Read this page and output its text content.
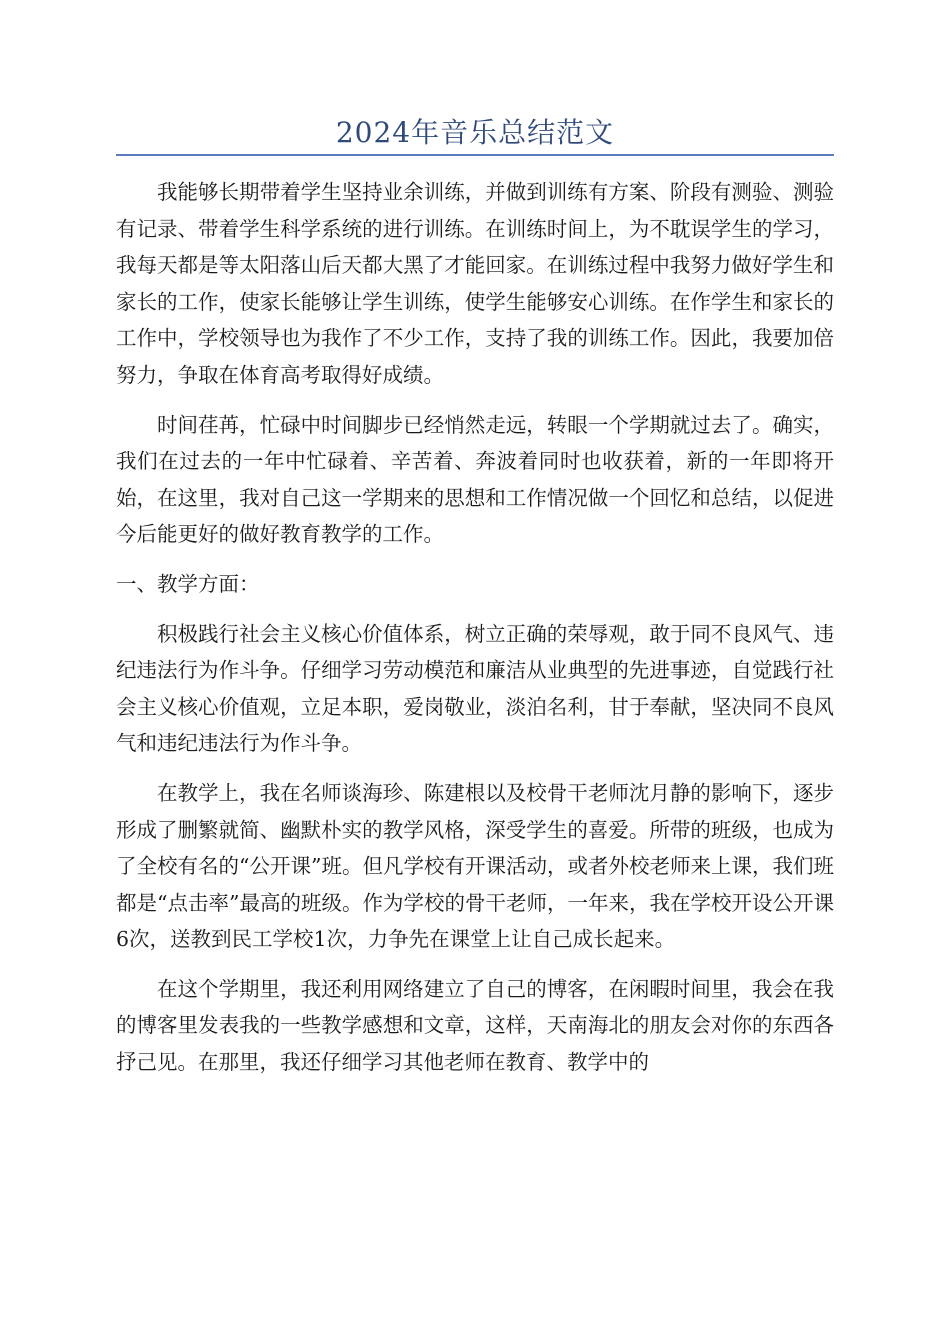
2024年音乐总结范文

我能够长期带着学生坚持业余训练，并做到训练有方案、阶段有测验、测验有记录、带着学生科学系统的进行训练。在训练时间上，为不耽误学生的学习，我每天都是等太阳落山后天都大黑了才能回家。在训练过程中我努力做好学生和家长的工作，使家长能够让学生训练，使学生能够安心训练。在作学生和家长的工作中，学校领导也为我作了不少工作，支持了我的训练工作。因此，我要加倍努力，争取在体育高考取得好成绩。

时间荏苒，忙碌中时间脚步已经悄然走远，转眼一个学期就过去了。确实，我们在过去的一年中忙碌着、辛苦着、奔波着同时也收获着，新的一年即将开始，在这里，我对自己这一学期来的思想和工作情况做一个回忆和总结，以促进今后能更好的做好教育教学的工作。

一、教学方面：

积极践行社会主义核心价值体系，树立正确的荣辱观，敢于同不良风气、违纪违法行为作斗争。仔细学习劳动模范和廉洁从业典型的先进事迹，自觉践行社会主义核心价值观，立足本职，爱岗敬业，淡泊名利，甘于奉献，坚决同不良风气和违纪违法行为作斗争。

在教学上，我在名师谈海珍、陈建根以及校骨干老师沈月静的影响下，逐步形成了删繁就简、幽默朴实的教学风格，深受学生的喜爱。所带的班级，也成为了全校有名的“公开课”班。但凡学校有开课活动，或者外校老师来上课，我们班都是“点击率”最高的班级。作为学校的骨干老师，一年来，我在学校开设公开课6次，送教到民工学校1次，力争先在课堂上让自己成长起来。

在这个学期里，我还利用网络建立了自己的博客，在闲暇时间里，我会在我的博客里发表我的一些教学感想和文章，这样，天南海北的朋友会对你的东西各抒己见。在那里，我还仔细学习其他老师在教育、教学中的
